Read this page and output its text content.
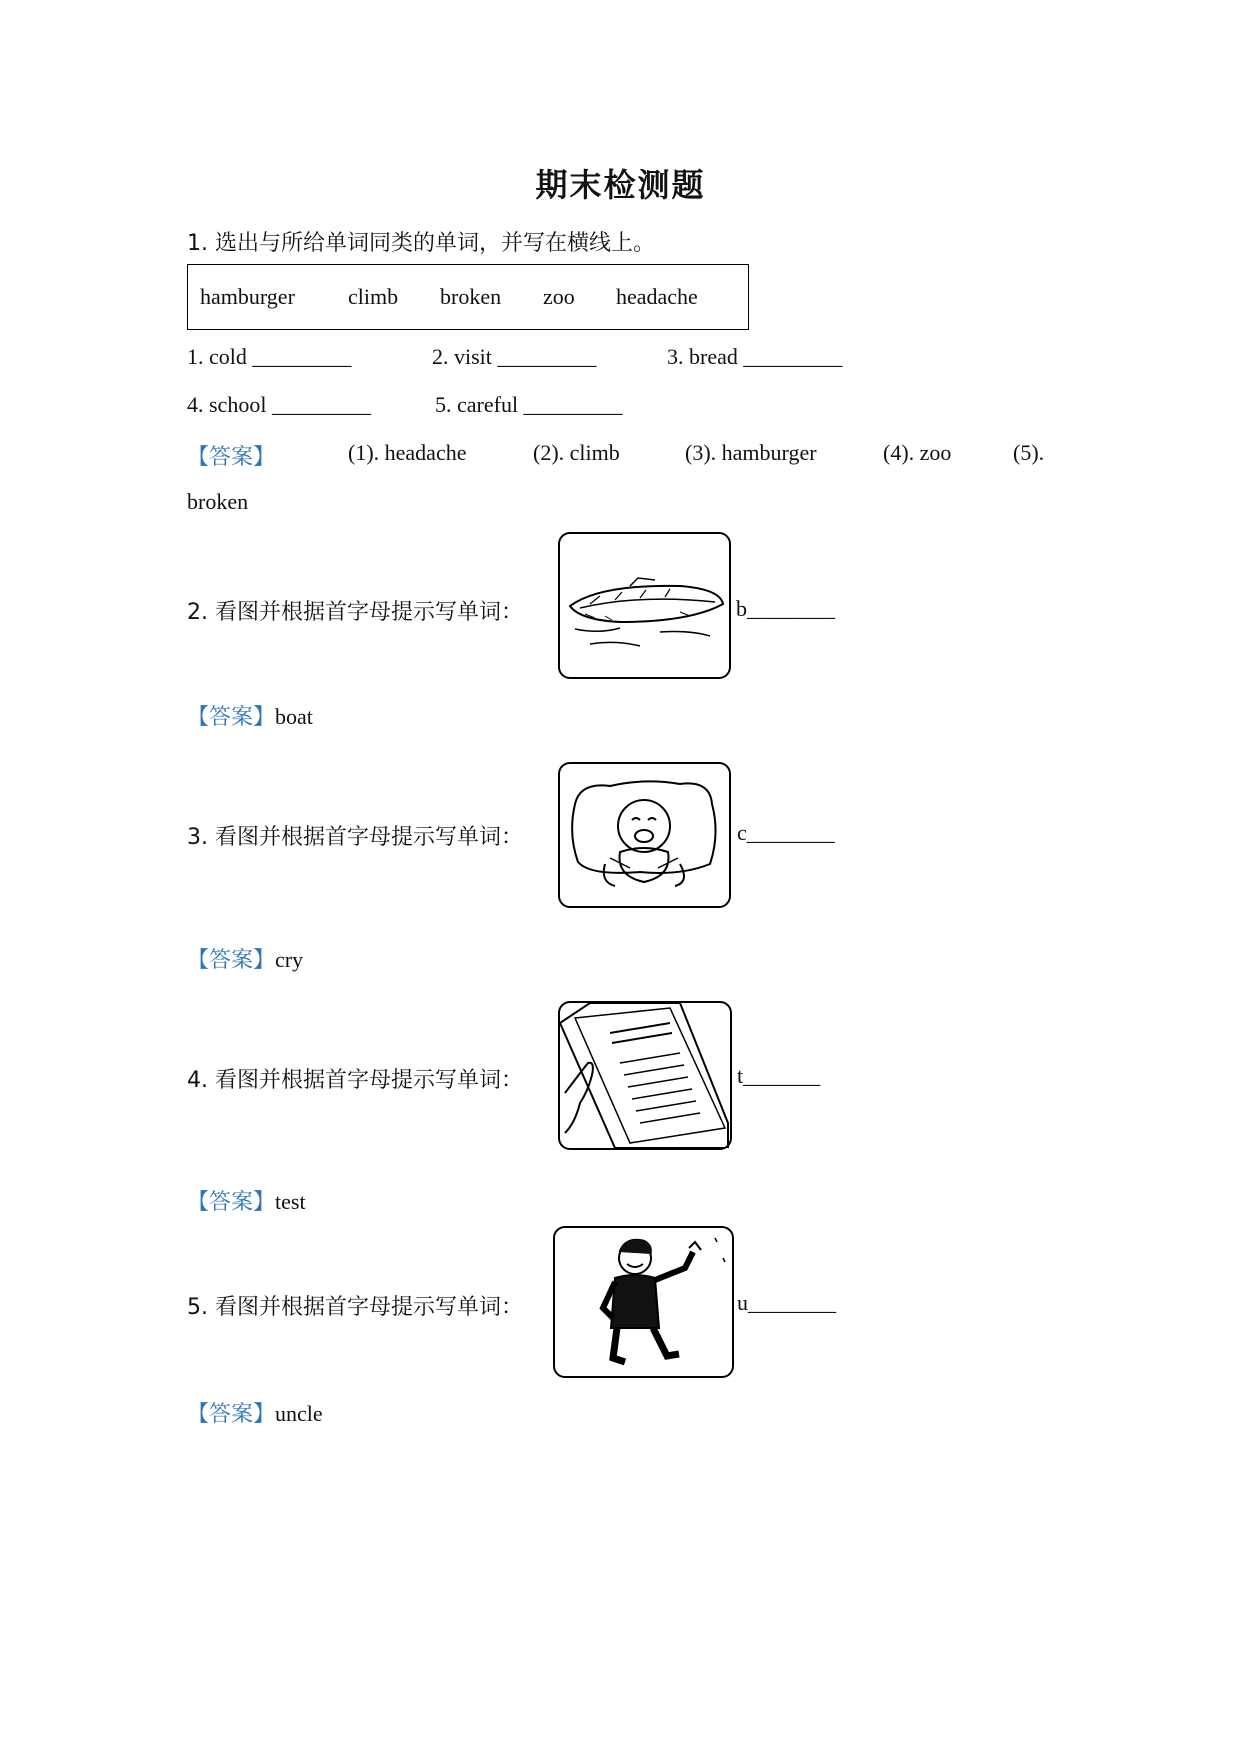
期末检测题
1. 选出与所给单词同类的单词，并写在横线上。
hamburger climb broken zoo headache
1. cold _________	2. visit _________	3. bread _________
4. school _________	5. careful _________
【答案】	(1). headache	(2). climb	(3). hamburger	(4). zoo	(5).
broken
2. 看图并根据首字母提示写单词：	b________
【答案】boat
3. 看图并根据首字母提示写单词：	c________
【答案】cry
4. 看图并根据首字母提示写单词：	t_______
【答案】test
5. 看图并根据首字母提示写单词：	u________
【答案】uncle
